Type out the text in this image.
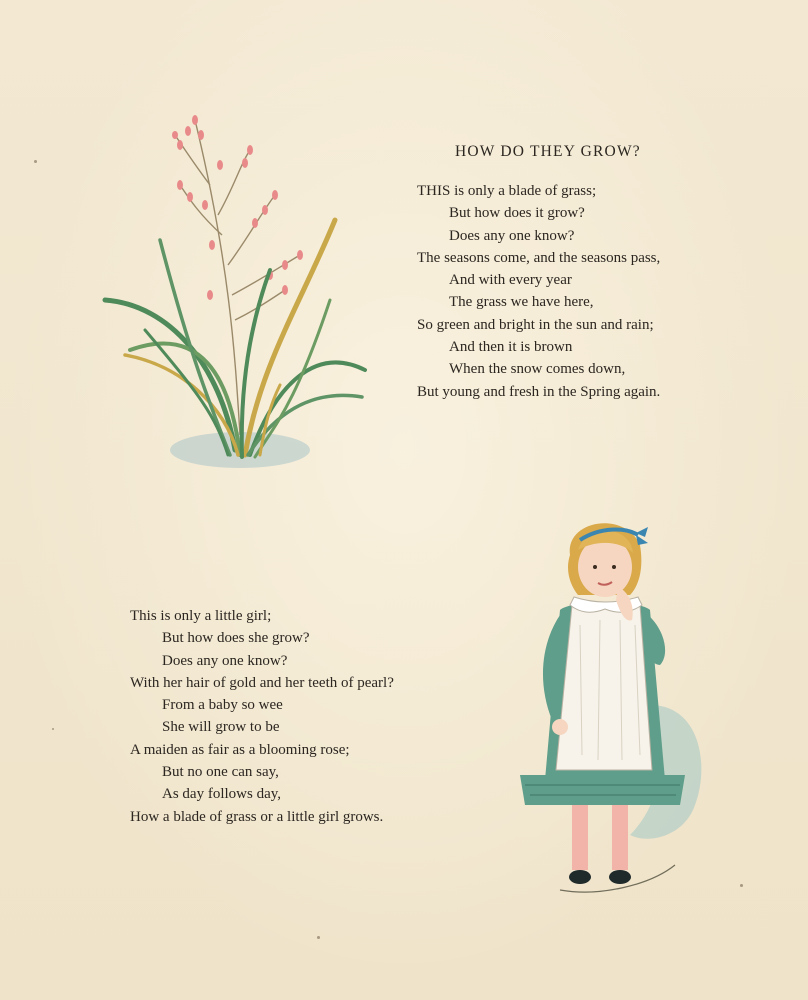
HOW DO THEY GROW?
THIS is only a blade of grass;
But how does it grow?
Does any one know?
The seasons come, and the seasons pass,
And with every year
The grass we have here,
So green and bright in the sun and rain;
And then it is brown
When the snow comes down,
But young and fresh in the Spring again.
This is only a little girl;
But how does she grow?
Does any one know?
With her hair of gold and her teeth of pearl?
From a baby so wee
She will grow to be
A maiden as fair as a blooming rose;
But no one can say,
As day follows day,
How a blade of grass or a little girl grows.
